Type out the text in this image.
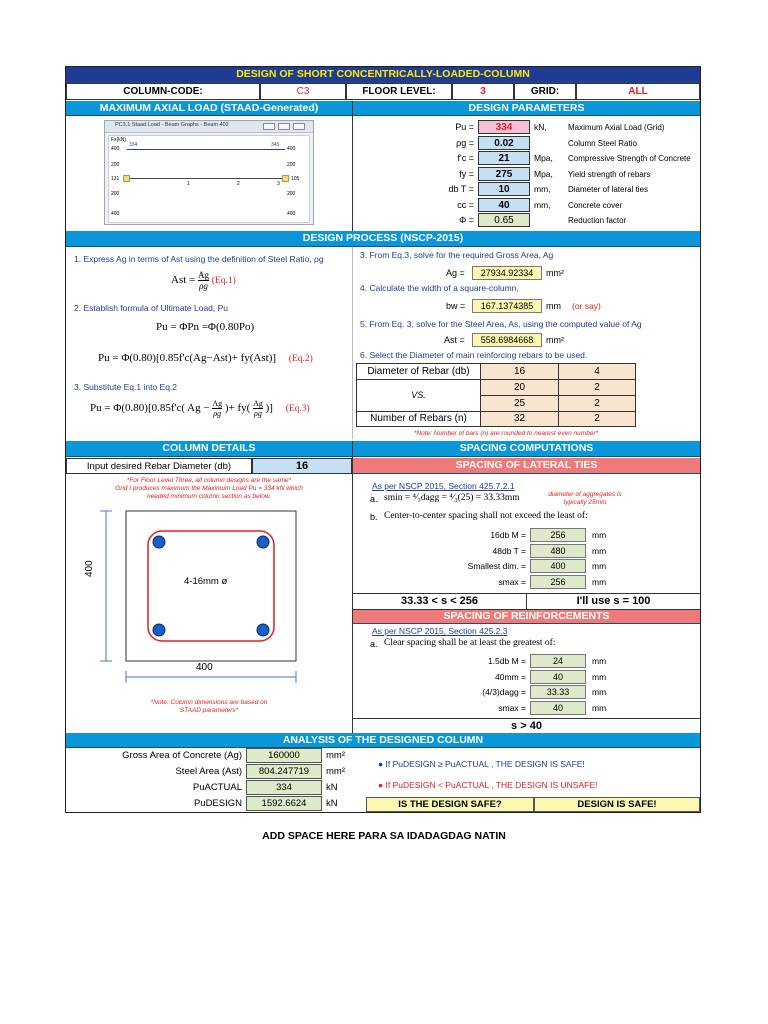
DESIGN OF SHORT CONCENTRICALLY-LOADED-COLUMN
COLUMN-CODE:	C3	FLOOR LEVEL:	3	GRID:	ALL
MAXIMUM AXIAL LOAD (STAAD-Generated)	DESIGN PARAMETERS
PC3.1 Staad.Load - Beam Graphs - Beam 402
Fx(kN)
400
200
200
400
400
200
200
400
334	345
131	105
1	2	3
Pu =	334	kN,	Maximum Axial Load (Grid)
ρg =	0.02	Column Steel Ratio
f'c =	21	Mpa, Compressive Strength of Concrete
fy =	275	Mpa, Yield strength of rebars
db T =	10	mm, Diameter of lateral ties
cc =	40	mm, Concrete cover
Φ =	0.65	Reduction factor
DESIGN PROCESS (NSCP-2015)
1. Express Ag in terms of Ast using the definition of Steel Ratio, ρg
Ast = $\frac{Ag}{\rho g} (Eq.1)$
2. Establish formula of Ultimate Load, Pu
Pu = ΦPn =Φ(0.80Po)
Pu = Φ(0.80)[0.85f'c(Ag−Ast)+ fy(Ast)] (Eq.2)
3. Substitute Eq.1 into Eq.2
Pu = Φ(0.80)[0.85f'c( $Ag - \frac{Ag}{\rho g}$ )+ $fy( \frac{Ag}{\rho g}$ )] (Eq.3)
3. From Eq.3, solve for the required Gross Area, Ag
Ag =	27934.92334	mm²
4. Calculate the width of a square-column,
bw =	167.1374385	mm (or say)
5. From Eq. 3, solve for the Steel Area, As, using the computed value of Ag
Ast =	558.6984668	mm²
6. Select the Diameter of main reinforcing rebars to be used.
Diameter of Rebar (db)	16	4
VS.
20	2
25	2
Number of Rebars (n)	32	2
*Note: Number of bars (n) are rounded to nearest even number*
COLUMN DETAILS	SPACING COMPUTATIONS
Input desired Rebar Diameter (db)	16
*For Floor Level Three, all column designs are the same*
Grid I produces maximum the Maximum Load Pu = 334 kN which
needed minimum column section as below.
400
400
4-16mm ø
*Note: Column dimensions are based on
STAAD parameters*
SPACING OF LATERAL TIES
As per NSCP 2015, Section 425.7.2.1
a. smin = ⁴⁄₃dagg = ⁴⁄₃(25) = 33.33mm	diameter of aggregates is
typically 25mm
b. Center-to-center spacing shall not exceed the least of:
16db M =	256	mm
48db T =	480	mm
Smallest dim. =	400	mm
smax =	256	mm
33.33 < s < 256	I'll use s = 100
SPACING OF REINFORCEMENTS
As per NSCP 2015, Section 425.2.3
a. Clear spacing shall be at least the greatest of:
1.5db M =	24	mm
40mm =	40	mm
(4/3)dagg =	33.33	mm
smax =	40	mm
s > 40
ANALYSIS OF THE DESIGNED COLUMN
Gross Area of Concrete (Ag)	160000	mm²
Steel Area (Ast)	804.247719	mm²
PuACTUAL	334	kN
PuDESIGN	1592.6624	kN
● If PuDESIGN ≥ PuACTUAL , THE DESIGN IS SAFE!
● If PuDESIGN < PuACTUAL , THE DESIGN IS UNSAFE!
IS THE DESIGN SAFE?	DESIGN IS SAFE!
ADD SPACE HERE PARA SA IDADAGDAG NATIN
